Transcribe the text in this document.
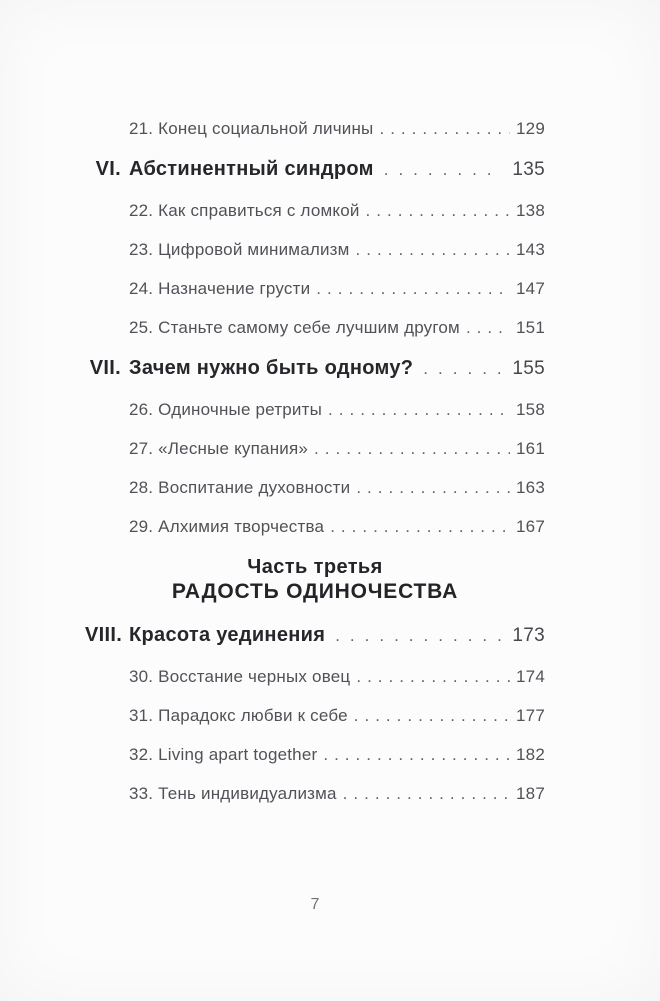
21. Конец социальной личины .....	129
VI. Абстинентный синдром .....	135
22. Как справиться с ломкой .....	138
23. Цифровой минимализм .....	143
24. Назначение грусти .....	147
25. Станьте самому себе лучшим другом .....	151
VII. Зачем нужно быть одному? .....	155
26. Одиночные ретриты .....	158
27. «Лесные купания» .....	161
28. Воспитание духовности .....	163
29. Алхимия творчества .....	167
Часть третья
РАДОСТЬ ОДИНОЧЕСТВА
VIII. Красота уединения .....	173
30. Восстание черных овец .....	174
31. Парадокс любви к себе .....	177
32. Living apart together .....	182
33. Тень индивидуализма .....	187
7
